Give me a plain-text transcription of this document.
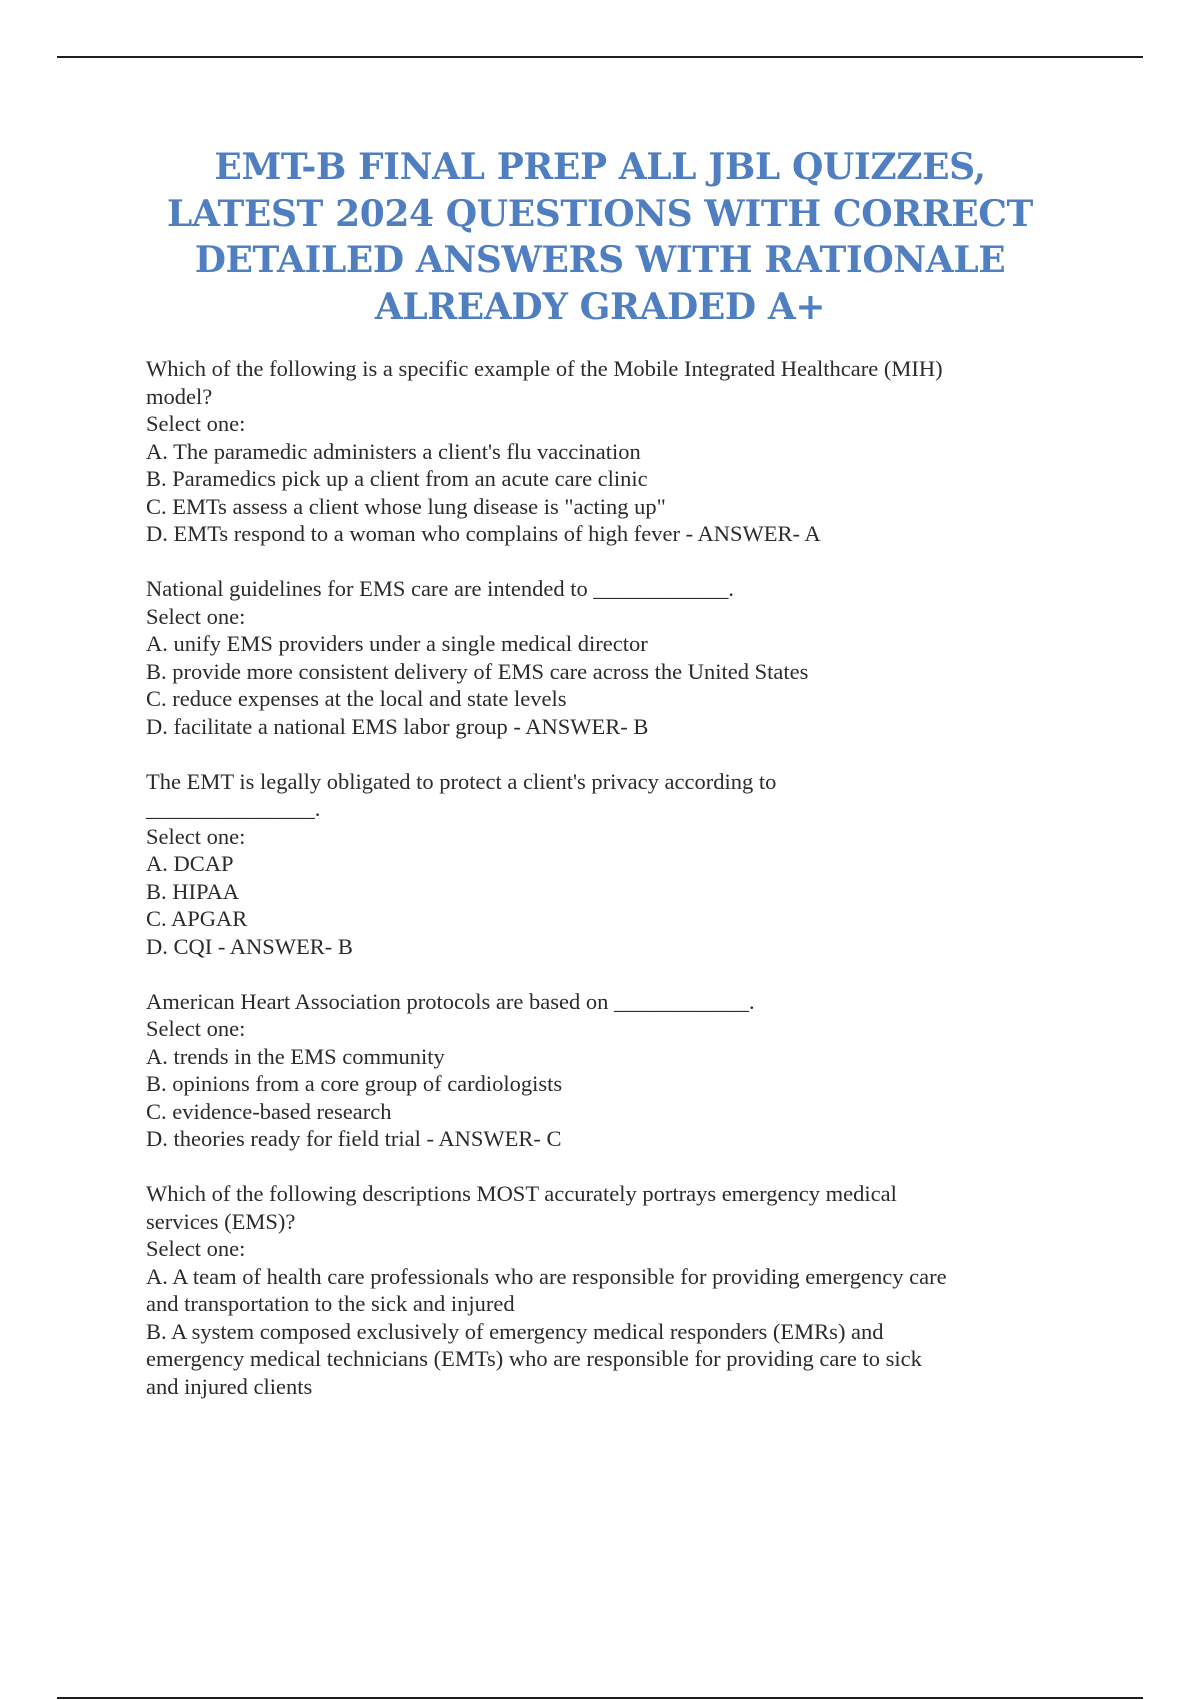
EMT-B FINAL PREP ALL JBL QUIZZES,
LATEST 2024 QUESTIONS WITH CORRECT
DETAILED ANSWERS WITH RATIONALE
ALREADY GRADED A+
Which of the following is a specific example of the Mobile Integrated Healthcare (MIH)
model?
Select one:
A. The paramedic administers a client's flu vaccination
B. Paramedics pick up a client from an acute care clinic
C. EMTs assess a client whose lung disease is "acting up"
D. EMTs respond to a woman who complains of high fever - ANSWER- A
National guidelines for EMS care are intended to ____________.
Select one:
A. unify EMS providers under a single medical director
B. provide more consistent delivery of EMS care across the United States
C. reduce expenses at the local and state levels
D. facilitate a national EMS labor group - ANSWER- B
The EMT is legally obligated to protect a client's privacy according to
_______________.
Select one:
A. DCAP
B. HIPAA
C. APGAR
D. CQI - ANSWER- B
American Heart Association protocols are based on ____________.
Select one:
A. trends in the EMS community
B. opinions from a core group of cardiologists
C. evidence-based research
D. theories ready for field trial - ANSWER- C
Which of the following descriptions MOST accurately portrays emergency medical
services (EMS)?
Select one:
A. A team of health care professionals who are responsible for providing emergency care
and transportation to the sick and injured
B. A system composed exclusively of emergency medical responders (EMRs) and
emergency medical technicians (EMTs) who are responsible for providing care to sick
and injured clients
